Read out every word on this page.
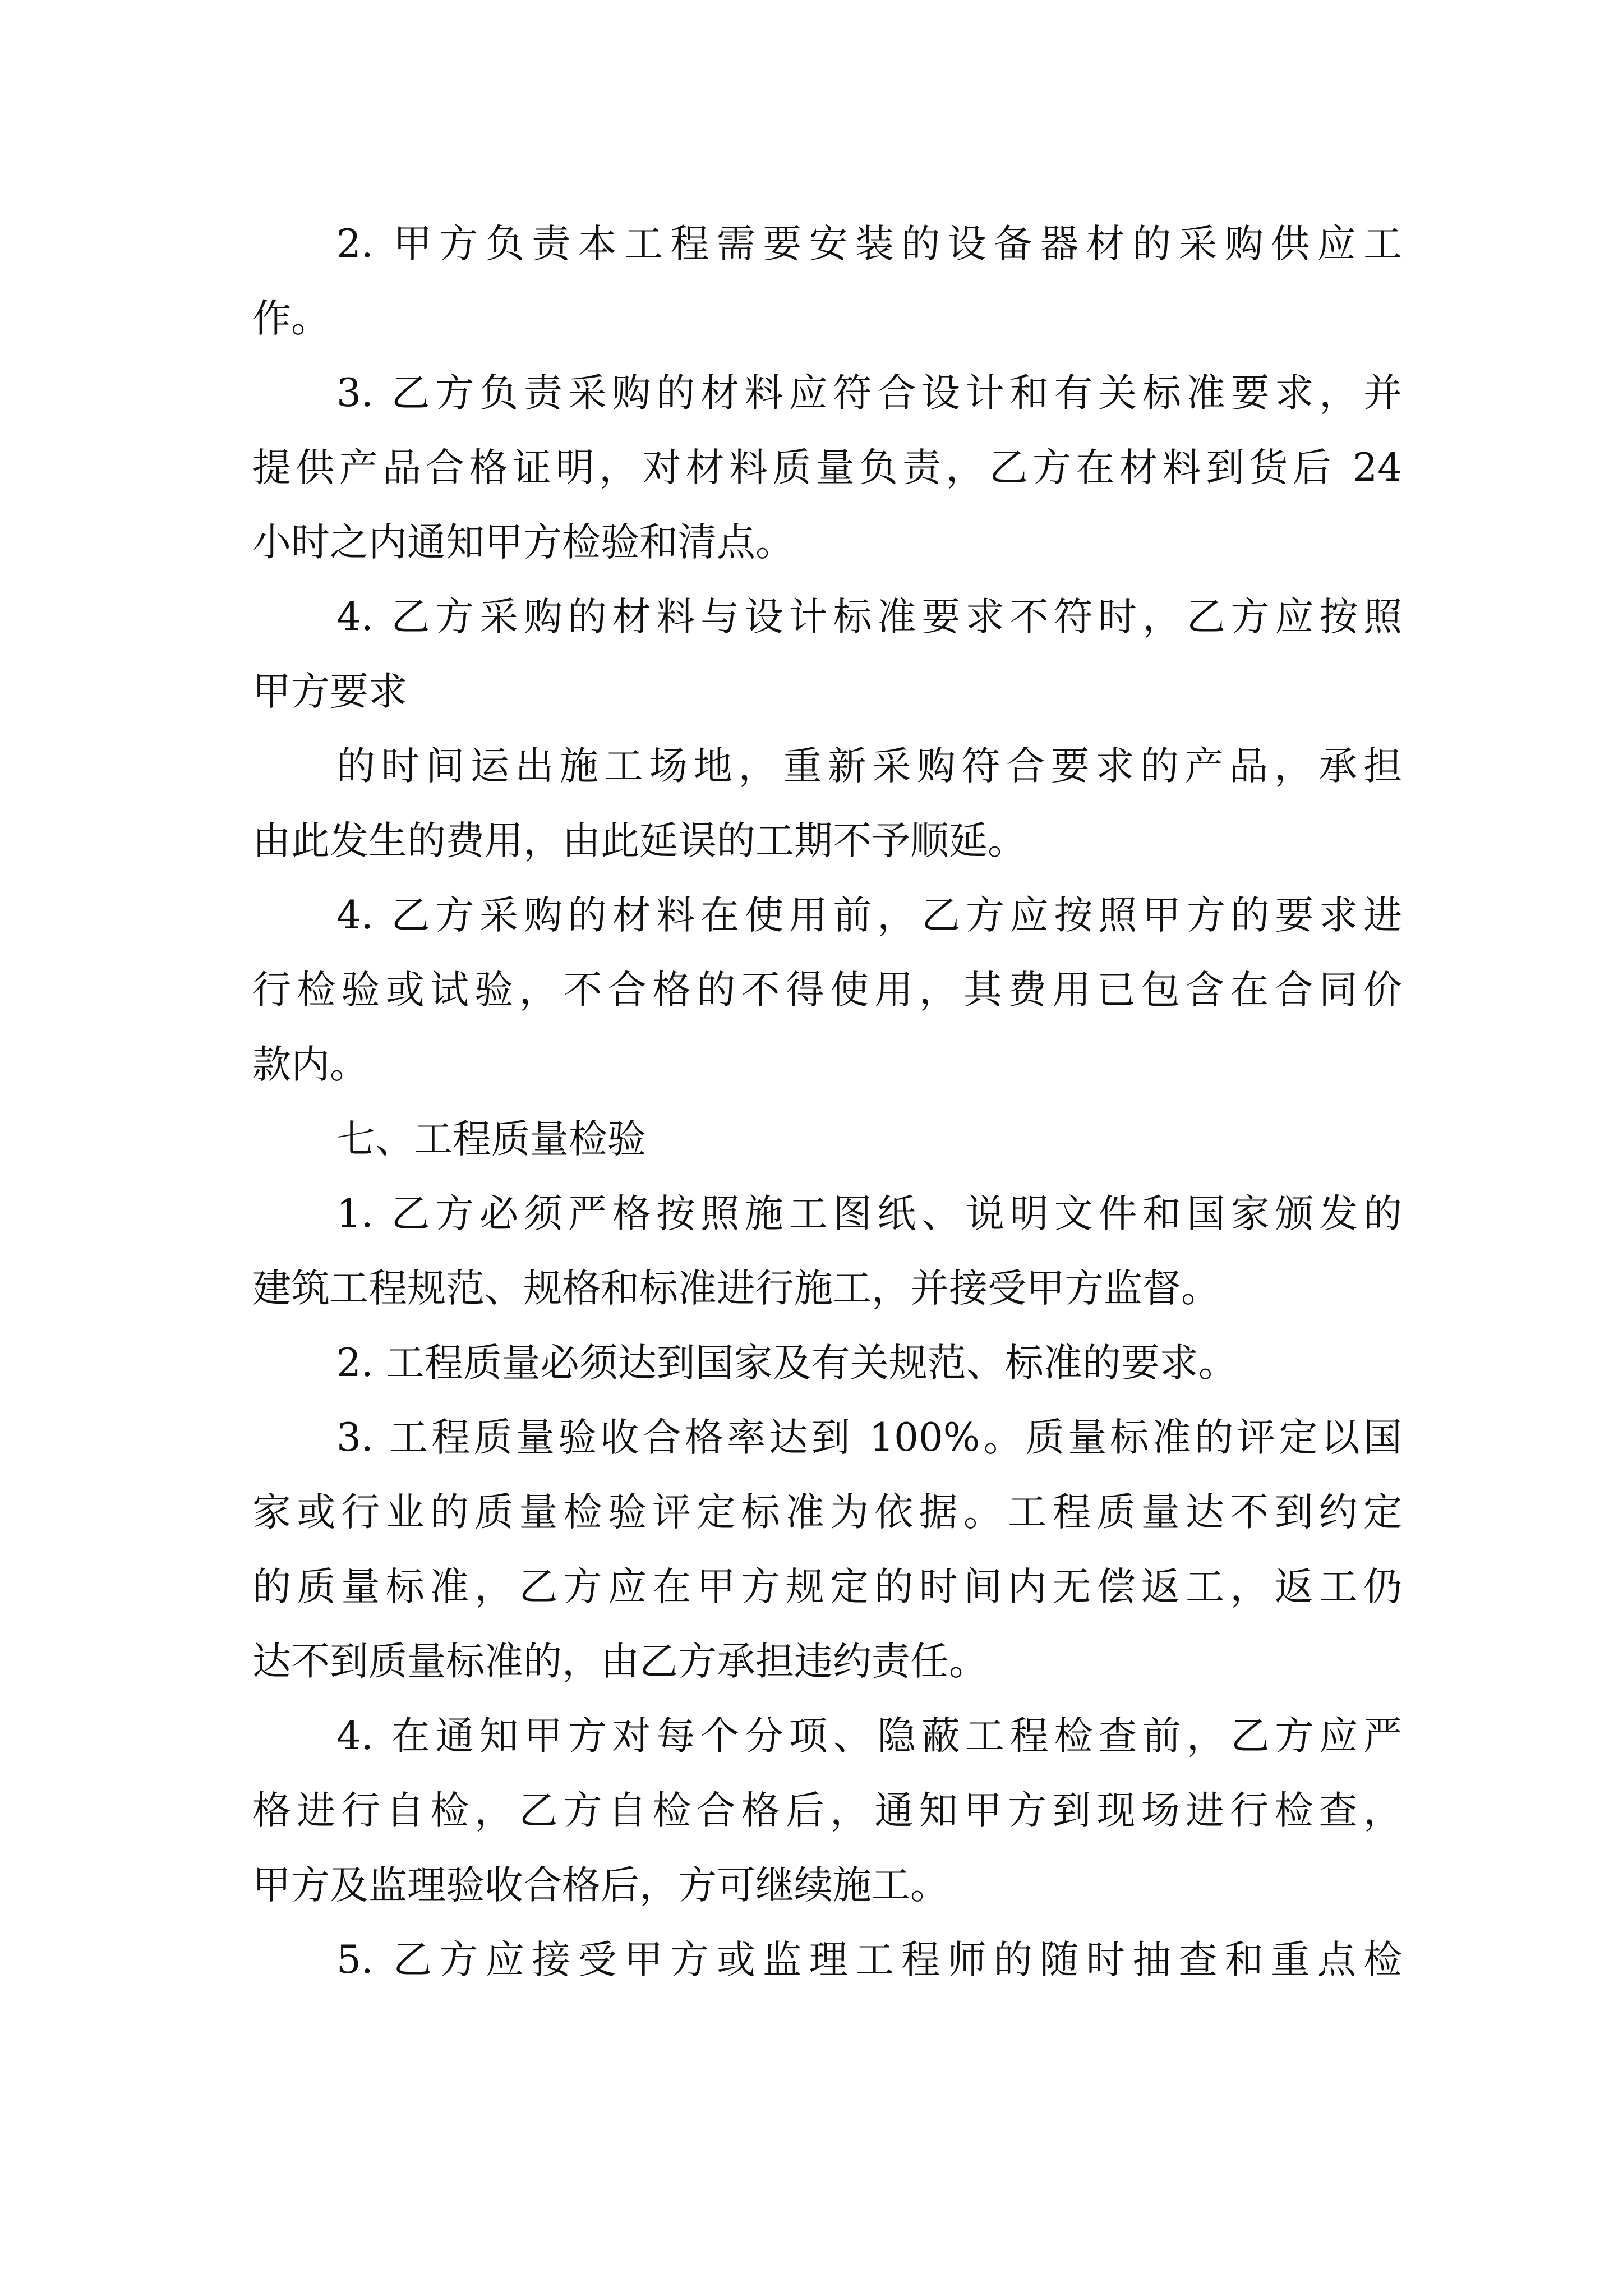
2. 甲方负责本工程需要安装的设备器材的采购供应工
作。
3. 乙方负责采购的材料应符合设计和有关标准要求，并
提供产品合格证明，对材料质量负责，乙方在材料到货后 24
小时之内通知甲方检验和清点。
4. 乙方采购的材料与设计标准要求不符时，乙方应按照
甲方要求
的时间运出施工场地，重新采购符合要求的产品，承担
由此发生的费用，由此延误的工期不予顺延。
4. 乙方采购的材料在使用前，乙方应按照甲方的要求进
行检验或试验，不合格的不得使用，其费用已包含在合同价
款内。
七、工程质量检验
1. 乙方必须严格按照施工图纸、说明文件和国家颁发的
建筑工程规范、规格和标准进行施工，并接受甲方监督。
2. 工程质量必须达到国家及有关规范、标准的要求。
3. 工程质量验收合格率达到 100%。质量标准的评定以国
家或行业的质量检验评定标准为依据。工程质量达不到约定
的质量标准，乙方应在甲方规定的时间内无偿返工，返工仍
达不到质量标准的，由乙方承担违约责任。
4. 在通知甲方对每个分项、隐蔽工程检查前，乙方应严
格进行自检，乙方自检合格后，通知甲方到现场进行检查，
甲方及监理验收合格后，方可继续施工。
5. 乙方应接受甲方或监理工程师的随时抽查和重点检
